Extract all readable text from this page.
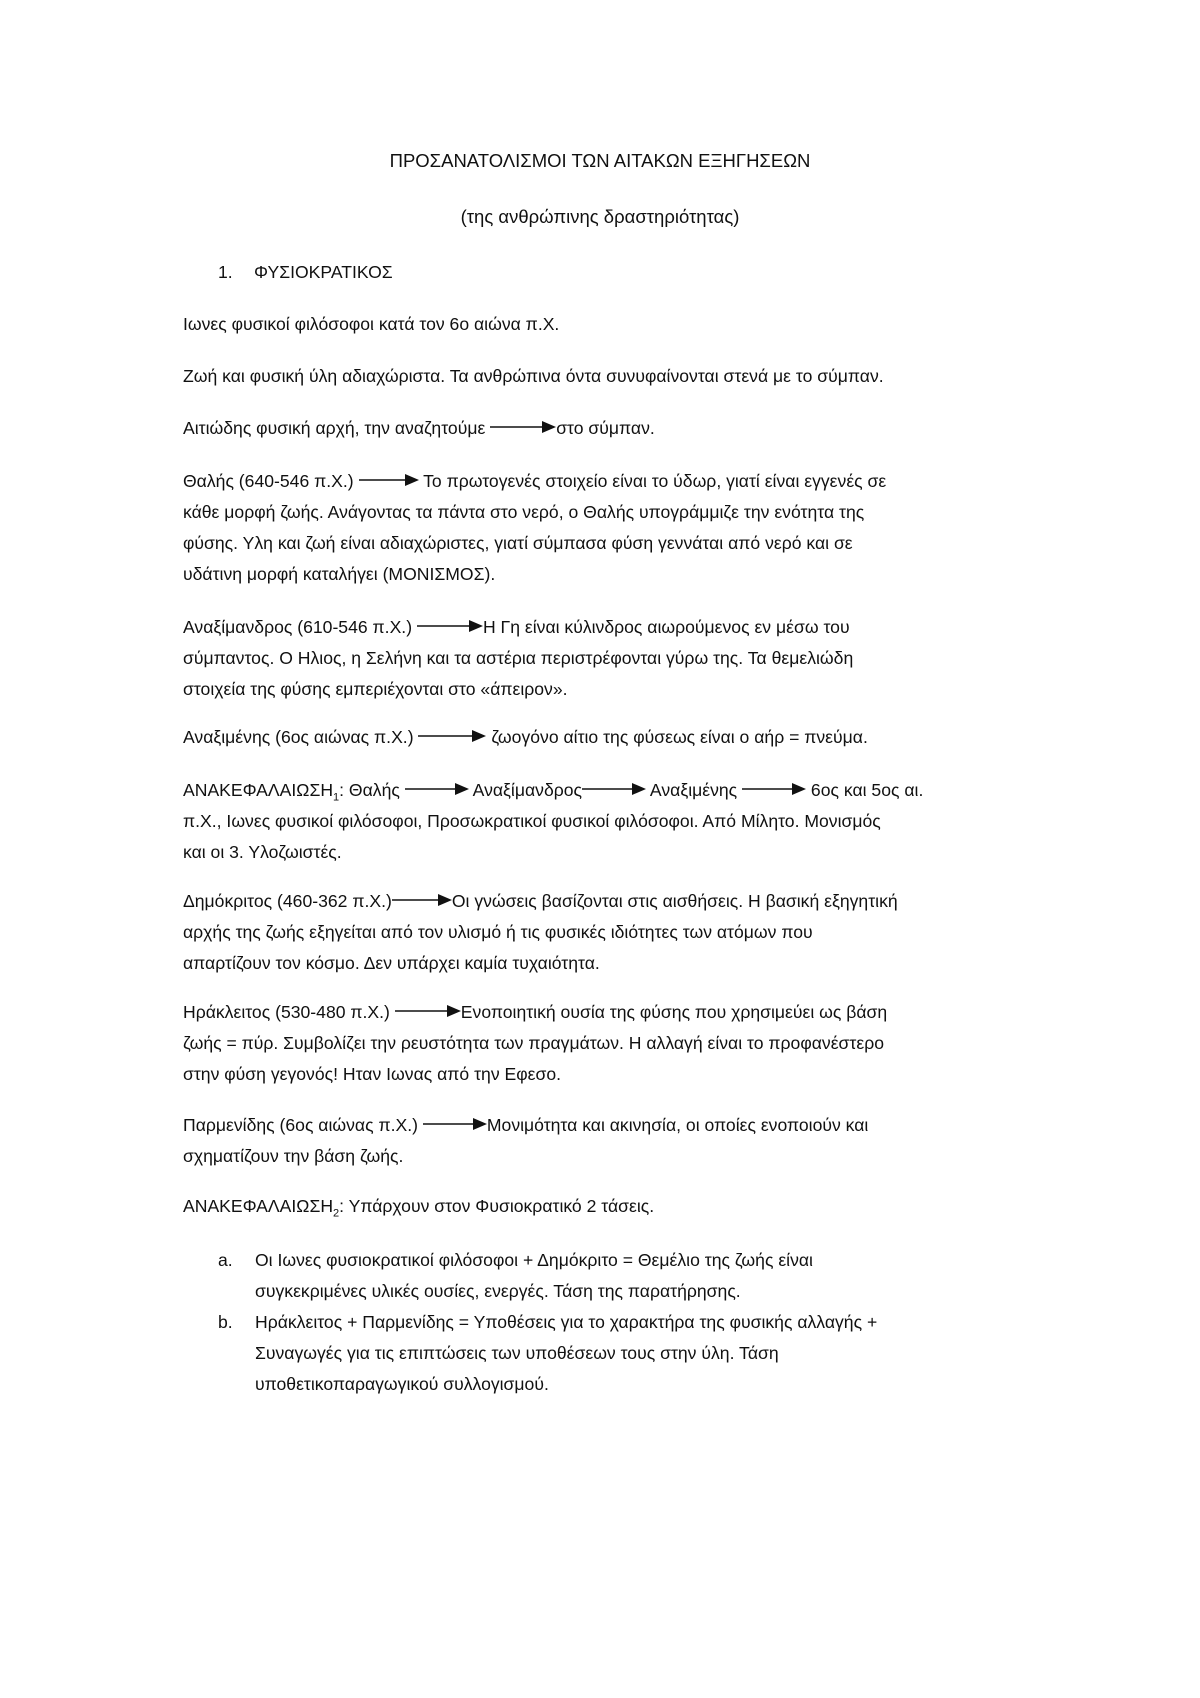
ΠΡΟΣΑΝΑΤΟΛΙΣΜΟΙ ΤΩΝ ΑΙΤΑΚΩΝ ΕΞΗΓΗΣΕΩΝ
(της ανθρώπινης δραστηριότητας)
1. ΦΥΣΙΟΚΡΑΤΙΚΟΣ
Ιωνες φυσικοί φιλόσοφοι κατά τον 6ο αιώνα π.Χ.
Ζωή και φυσική ύλη αδιαχώριστα. Τα ανθρώπινα όντα συνυφαίνονται στενά με το σύμπαν.
Αιτιώδης φυσική αρχή, την αναζητούμε	στο σύμπαν.
Θαλής (640-546 π.Χ.)	Το πρωτογενές στοιχείο είναι το ύδωρ, γιατί είναι εγγενές σε
κάθε μορφή ζωής. Ανάγοντας τα πάντα στο νερό, ο Θαλής υπογράμμιζε την ενότητα της
φύσης. Υλη και ζωή είναι αδιαχώριστες, γιατί σύμπασα φύση γεννάται από νερό και σε
υδάτινη μορφή καταλήγει (ΜΟΝΙΣΜΟΣ).
Αναξίμανδρος (610-546 π.Χ.)	Η Γη είναι κύλινδρος αιωρούμενος εν μέσω του
σύμπαντος. Ο Ηλιος, η Σελήνη και τα αστέρια περιστρέφονται γύρω της. Τα θεμελιώδη
στοιχεία της φύσης εμπεριέχονται στο «άπειρον».
Αναξιμένης (6ος αιώνας π.Χ.)	ζωογόνο αίτιο της φύσεως είναι ο αήρ = πνεύμα.
$ANAKE\Phi A\Lambda AI\Omega\Sigma H_1$: Θαλής	Αναξίμανδρος	Αναξιμένης	6ος και 5ος αι.
π.Χ., Ιωνες φυσικοί φιλόσοφοι, Προσωκρατικοί φυσικοί φιλόσοφοι. Από Μίλητο. Μονισμός
και οι 3. Υλοζωιστές.
Δημόκριτος (460-362 π.Χ.)	Οι γνώσεις βασίζονται στις αισθήσεις. Η βασική εξηγητική
αρχής της ζωής εξηγείται από τον υλισμό ή τις φυσικές ιδιότητες των ατόμων που
απαρτίζουν τον κόσμο. Δεν υπάρχει καμία τυχαιότητα.
Ηράκλειτος (530-480 π.Χ.)	Ενοποιητική ουσία της φύσης που χρησιμεύει ως βάση
ζωής = πύρ. Συμβολίζει την ρευστότητα των πραγμάτων. Η αλλαγή είναι το προφανέστερο
στην φύση γεγονός! Ηταν Ιωνας από την Εφεσο.
Παρμενίδης (6ος αιώνας π.Χ.)	Μονιμότητα και ακινησία, οι οποίες ενοποιούν και
σχηματίζουν την βάση ζωής.
$ANAKE\Phi A\Lambda AI\Omega\Sigma H_2$: Υπάρχουν στον Φυσιοκρατικό 2 τάσεις.
a. Οι Ιωνες φυσιοκρατικοί φιλόσοφοι + Δημόκριτο = Θεμέλιο της ζωής είναι
συγκεκριμένες υλικές ουσίες, ενεργές. Τάση της παρατήρησης.
b. Ηράκλειτος + Παρμενίδης = Υποθέσεις για το χαρακτήρα της φυσικής αλλαγής +
Συναγωγές για τις επιπτώσεις των υποθέσεων τους στην ύλη. Τάση
υποθετικοπαραγωγικού συλλογισμού.
